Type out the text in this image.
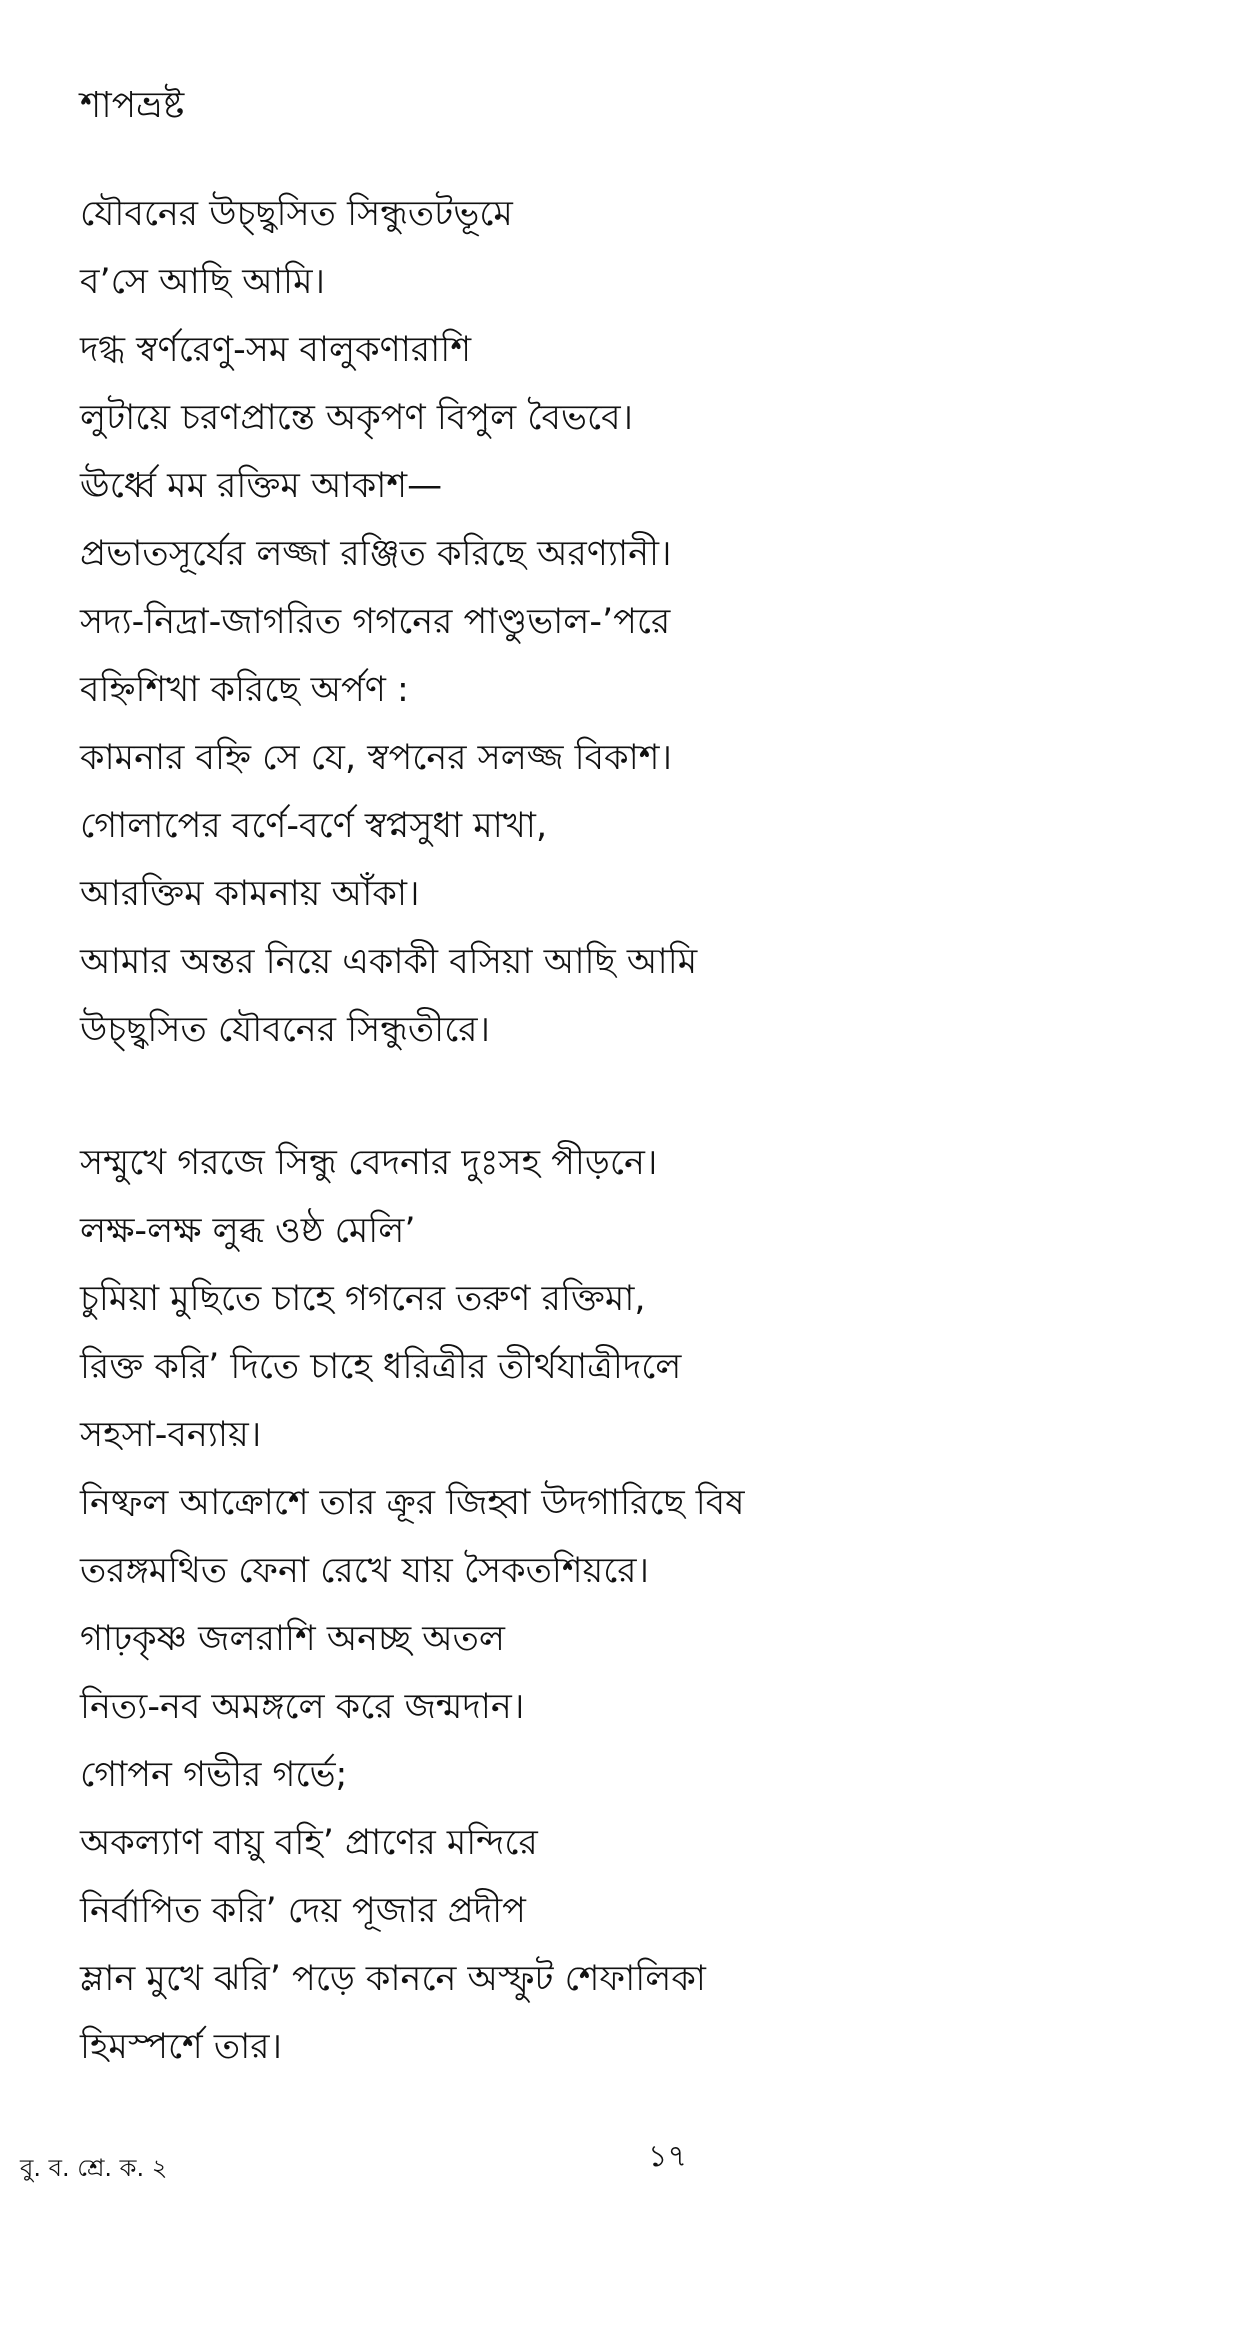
শাপভ্রষ্ট
যৌবনের উচ্ছ্বসিত সিন্ধুতটভূমে
ব’সে আছি আমি।
দগ্ধ স্বর্ণরেণু-সম বালুকণারাশি
লুটায়ে চরণপ্রান্তে অকৃপণ বিপুল বৈভবে।
ঊর্ধ্বে মম রক্তিম আকাশ—
প্রভাতসূর্যের লজ্জা রঞ্জিত করিছে অরণ্যানী।
সদ্য-নিদ্রা-জাগরিত গগনের পাণ্ডুভাল-’পরে
বহ্নিশিখা করিছে অর্পণ :
কামনার বহ্নি সে যে, স্বপনের সলজ্জ বিকাশ।
গোলাপের বর্ণে-বর্ণে স্বপ্নসুধা মাখা,
আরক্তিম কামনায় আঁকা।
আমার অন্তর নিয়ে একাকী বসিয়া আছি আমি
উচ্ছ্বসিত যৌবনের সিন্ধুতীরে।
সম্মুখে গরজে সিন্ধু বেদনার দুঃসহ পীড়নে।
লক্ষ-লক্ষ লুব্ধ ওষ্ঠ মেলি’
চুমিয়া মুছিতে চাহে গগনের তরুণ রক্তিমা,
রিক্ত করি’ দিতে চাহে ধরিত্রীর তীর্থযাত্রীদলে
সহসা-বন্যায়।
নিষ্ফল আক্রোশে তার ক্রূর জিহ্বা উদগারিছে বিষ
তরঙ্গমথিত ফেনা রেখে যায় সৈকতশিয়রে।
গাঢ়কৃষ্ণ জলরাশি অনচ্ছ অতল
নিত্য-নব অমঙ্গলে করে জন্মদান।
গোপন গভীর গর্ভে;
অকল্যাণ বায়ু বহি’ প্রাণের মন্দিরে
নির্বাপিত করি’ দেয় পূজার প্রদীপ
ম্লান মুখে ঝরি’ পড়ে কাননে অস্ফুট শেফালিকা
হিমস্পর্শে তার।
বু. ব. শ্রে. ক. ২	১৭
